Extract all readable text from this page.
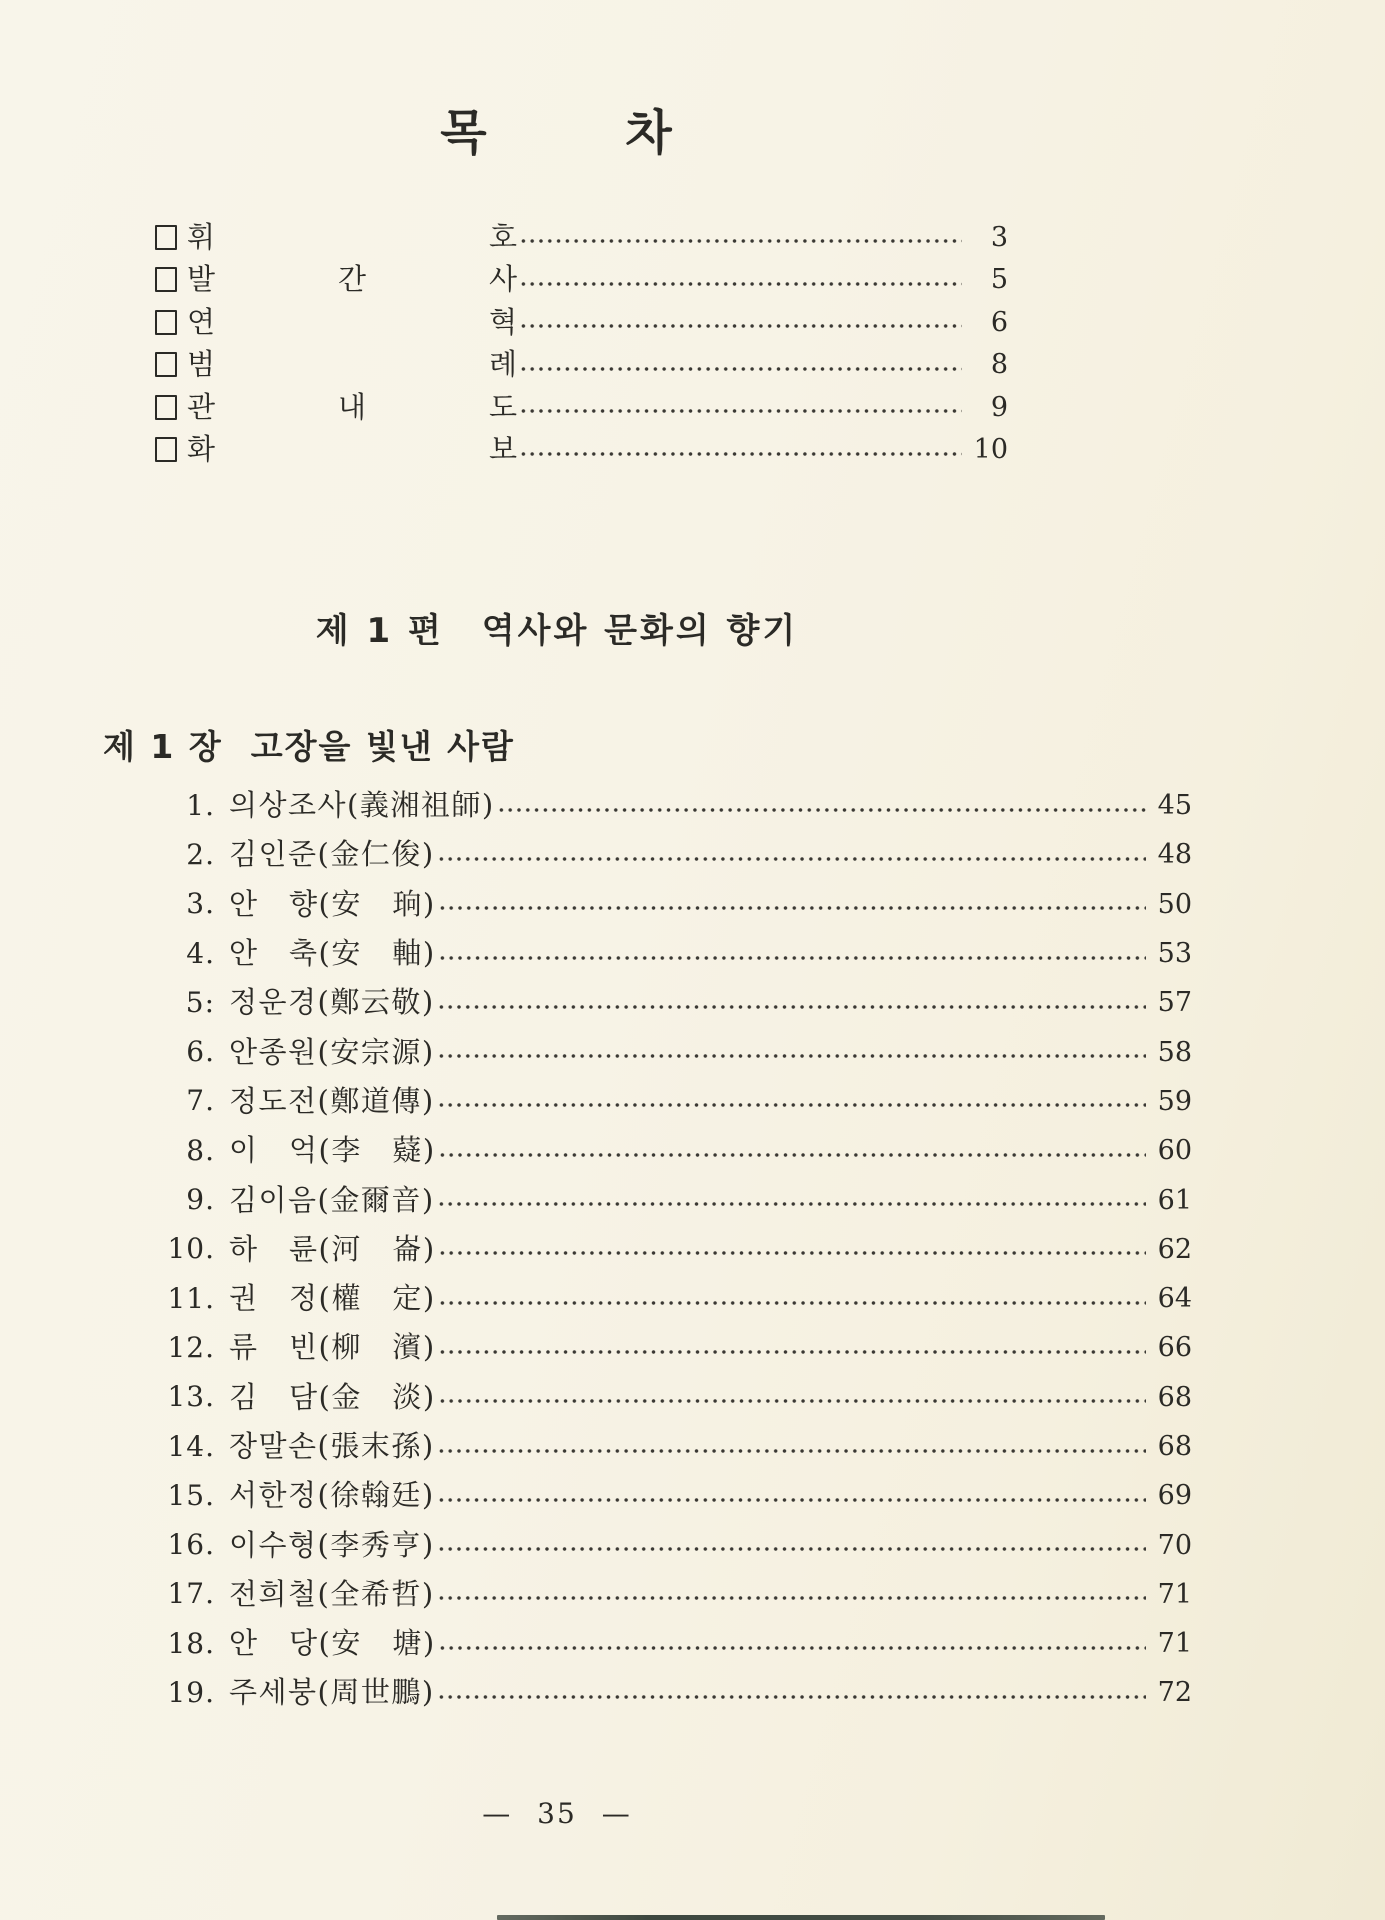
목 차
휘	호	3
발	간	사	5
연	혁	6
범	례	8
관	내	도	9
화	보	10
제 1 편 역사와 문화의 향기
제 1 장 고장을 빛낸 사람
1. 의상조사(義湘祖師)	45
2. 김인준(金仁俊)	48
3. 안　향(安　珦)	50
4. 안　축(安　軸)	53
5: 정운경(鄭云敬)	57
6. 안종원(安宗源)	58
7. 정도전(鄭道傳)	59
8. 이　억(李　薿)	60
9. 김이음(金爾音)	61
10. 하　륜(河　崙)	62
11. 권　정(權　定)	64
12. 류　빈(柳　濱)	66
13. 김　담(金　淡)	68
14. 장말손(張末孫)	68
15. 서한정(徐翰廷)	69
16. 이수형(李秀亨)	70
17. 전희철(全希哲)	71
18. 안　당(安　塘)	71
19. 주세붕(周世鵬)	72
— 35 —
